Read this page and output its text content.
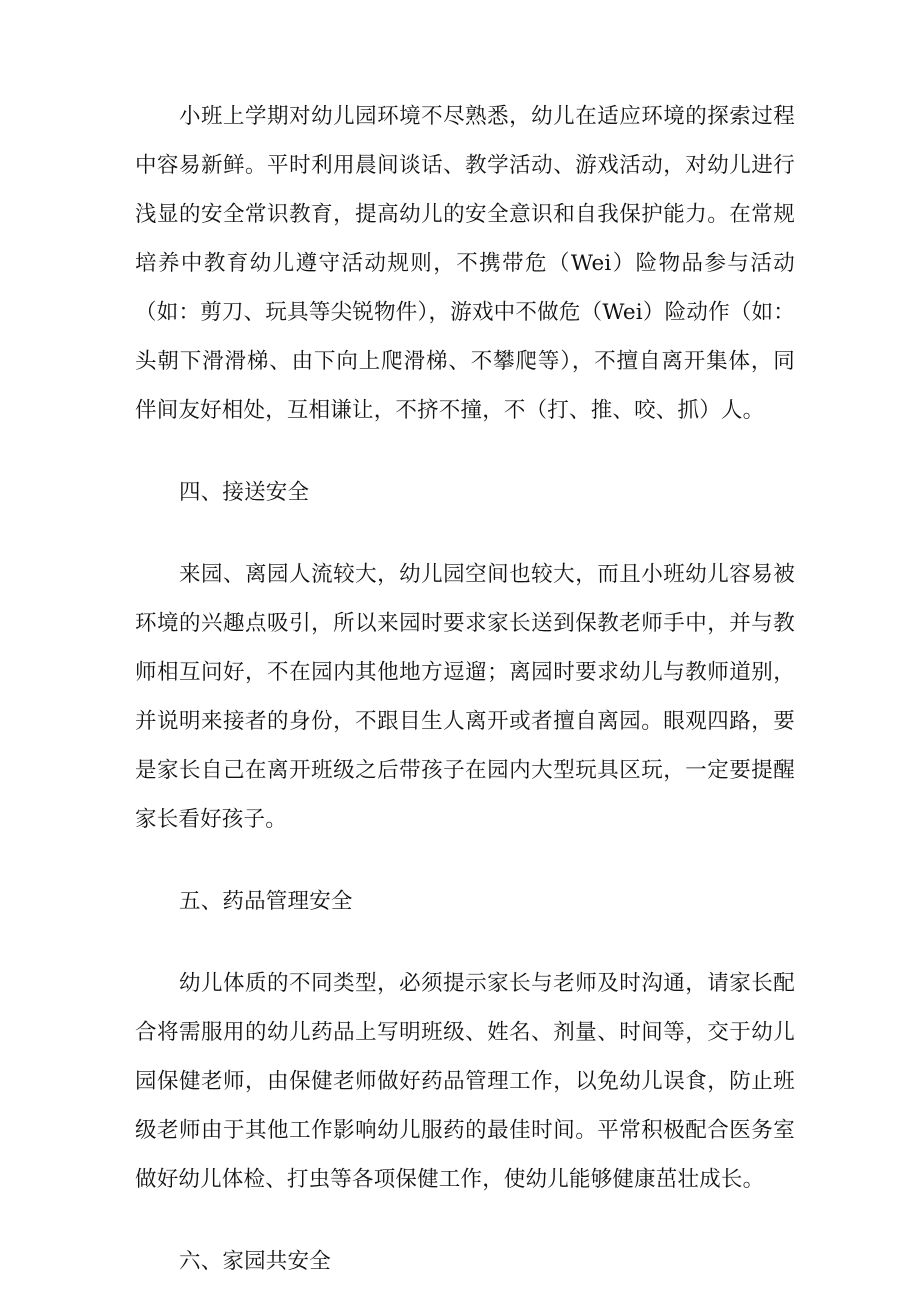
小班上学期对幼儿园环境不尽熟悉，幼儿在适应环境的探索过程中容易新鲜。平时利用晨间谈话、教学活动、游戏活动，对幼儿进行浅显的安全常识教育，提高幼儿的安全意识和自我保护能力。在常规培养中教育幼儿遵守活动规则，不携带危（Wei）险物品参与活动（如：剪刀、玩具等尖锐物件），游戏中不做危（Wei）险动作（如：头朝下滑滑梯、由下向上爬滑梯、不攀爬等），不擅自离开集体，同伴间友好相处，互相谦让，不挤不撞，不（打、推、咬、抓）人。

四、接送安全

来园、离园人流较大，幼儿园空间也较大，而且小班幼儿容易被环境的兴趣点吸引，所以来园时要求家长送到保教老师手中，并与教师相互问好，不在园内其他地方逗遛；离园时要求幼儿与教师道别，并说明来接者的身份，不跟目生人离开或者擅自离园。眼观四路，要是家长自己在离开班级之后带孩子在园内大型玩具区玩，一定要提醒家长看好孩子。

五、药品管理安全

幼儿体质的不同类型，必须提示家长与老师及时沟通，请家长配合将需服用的幼儿药品上写明班级、姓名、剂量、时间等，交于幼儿园保健老师，由保健老师做好药品管理工作，以免幼儿误食，防止班级老师由于其他工作影响幼儿服药的最佳时间。平常积极配合医务室做好幼儿体检、打虫等各项保健工作，使幼儿能够健康茁壮成长。

六、家园共安全
